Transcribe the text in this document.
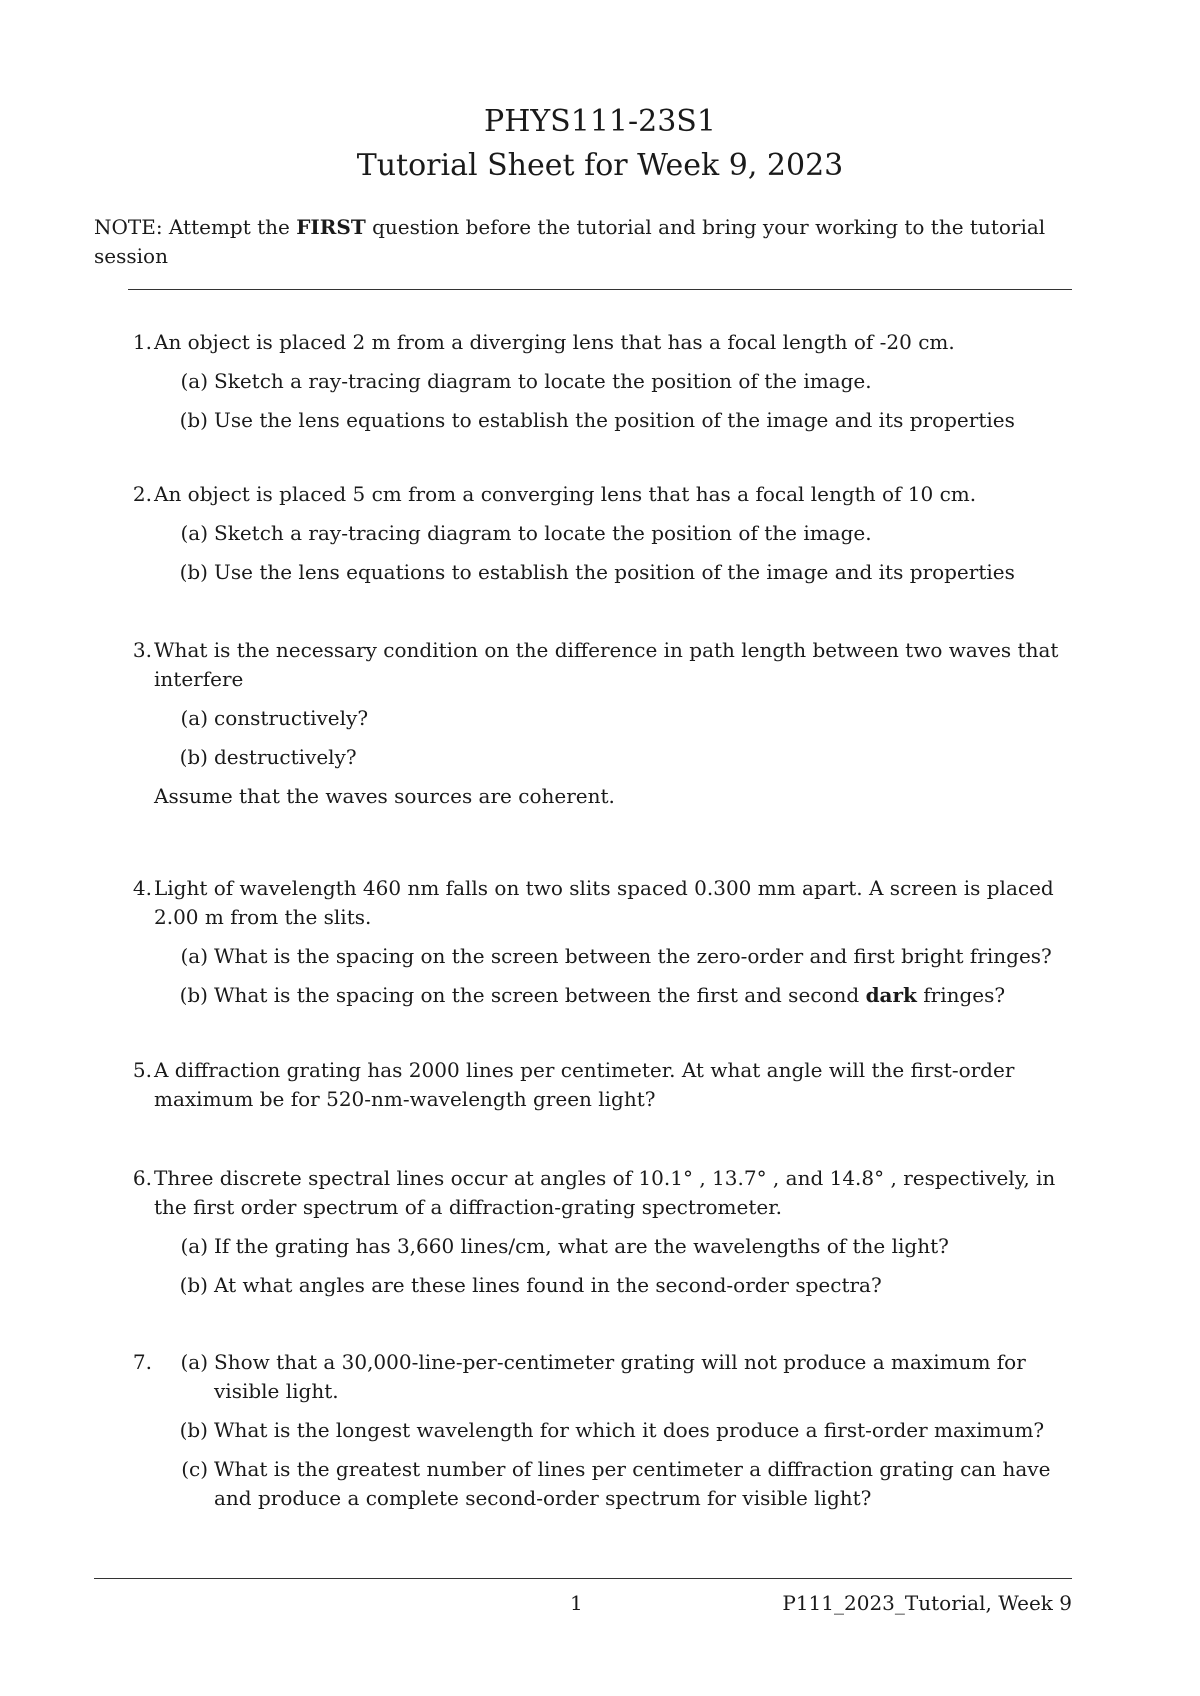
PHYS111-23S1
Tutorial Sheet for Week 9, 2023
NOTE: Attempt the FIRST question before the tutorial and bring your working to the tutorial session
1. An object is placed 2 m from a diverging lens that has a focal length of -20 cm.
(a) Sketch a ray-tracing diagram to locate the position of the image.
(b) Use the lens equations to establish the position of the image and its properties
2. An object is placed 5 cm from a converging lens that has a focal length of 10 cm.
(a) Sketch a ray-tracing diagram to locate the position of the image.
(b) Use the lens equations to establish the position of the image and its properties
3. What is the necessary condition on the difference in path length between two waves that interfere
(a) constructively?
(b) destructively?
Assume that the waves sources are coherent.
4. Light of wavelength 460 nm falls on two slits spaced 0.300 mm apart. A screen is placed 2.00 m from the slits.
(a) What is the spacing on the screen between the zero-order and first bright fringes?
(b) What is the spacing on the screen between the first and second dark fringes?
5. A diffraction grating has 2000 lines per centimeter. At what angle will the first-order maximum be for 520-nm-wavelength green light?
6. Three discrete spectral lines occur at angles of 10.1° , 13.7° , and 14.8° , respectively, in the first order spectrum of a diffraction-grating spectrometer.
(a) If the grating has 3,660 lines/cm, what are the wavelengths of the light?
(b) At what angles are these lines found in the second-order spectra?
7.	(a) Show that a 30,000-line-per-centimeter grating will not produce a maximum for visible light.
(b) What is the longest wavelength for which it does produce a first-order maximum?
(c) What is the greatest number of lines per centimeter a diffraction grating can have and produce a complete second-order spectrum for visible light?
1	P111_2023_Tutorial, Week 9
